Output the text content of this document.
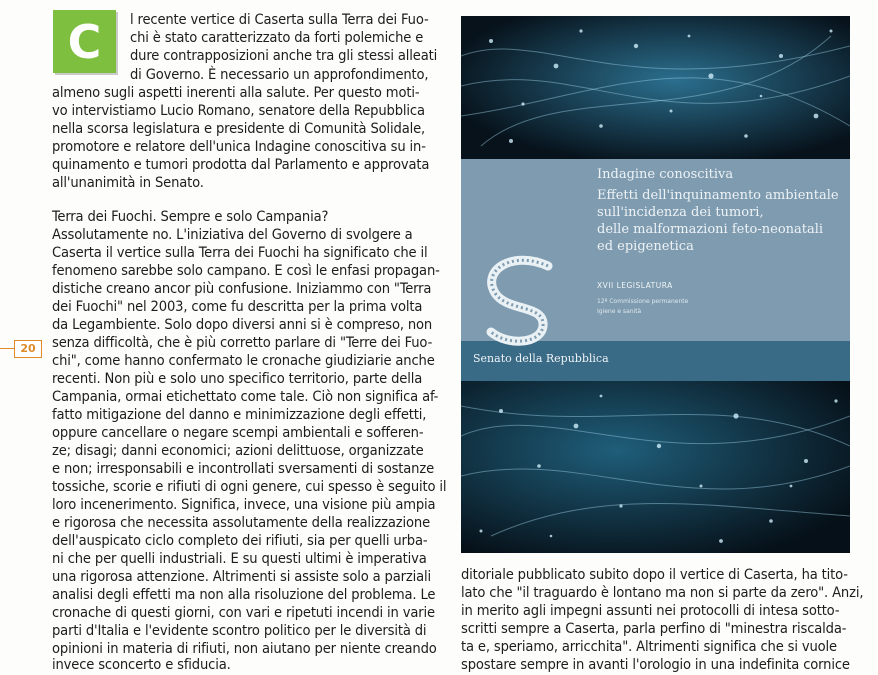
C	l recente vertice di Caserta sulla Terra dei Fuo-
chi è stato caratterizzato da forti polemiche e
dure contrapposizioni anche tra gli stessi alleati
di Governo. È necessario un approfondimento,
almeno sugli aspetti inerenti alla salute. Per questo moti-
vo intervistiamo Lucio Romano, senatore della Repubblica
nella scorsa legislatura e presidente di Comunità Solidale,
promotore e relatore dell'unica Indagine conoscitiva su in-
quinamento e tumori prodotta dal Parlamento e approvata
all'unanimità in Senato.
Terra dei Fuochi. Sempre e solo Campania?
Assolutamente no. L'iniziativa del Governo di svolgere a
Caserta il vertice sulla Terra dei Fuochi ha significato che il
fenomeno sarebbe solo campano. E così le enfasi propagan-
distiche creano ancor più confusione. Iniziammo con "Terra
dei Fuochi" nel 2003, come fu descritta per la prima volta
da Legambiente. Solo dopo diversi anni si è compreso, non
senza difficoltà, che è più corretto parlare di "Terre dei Fuo-
chi", come hanno confermato le cronache giudiziarie anche
recenti. Non più e solo uno specifico territorio, parte della
Campania, ormai etichettato come tale. Ciò non significa af-
fatto mitigazione del danno e minimizzazione degli effetti,
oppure cancellare o negare scempi ambientali e sofferen-
ze; disagi; danni economici; azioni delittuose, organizzate
e non; irresponsabili e incontrollati sversamenti di sostanze
tossiche, scorie e rifiuti di ogni genere, cui spesso è seguito il
loro incenerimento. Significa, invece, una visione più ampia
e rigorosa che necessita assolutamente della realizzazione
dell'auspicato ciclo completo dei rifiuti, sia per quelli urba-
ni che per quelli industriali. E su questi ultimi è imperativa
una rigorosa attenzione. Altrimenti si assiste solo a parziali
analisi degli effetti ma non alla risoluzione del problema. Le
cronache di questi giorni, con vari e ripetuti incendi in varie
parti d'Italia e l'evidente scontro politico per le diversità di
opinioni in materia di rifiuti, non aiutano per niente creando
invece sconcerto e sfiducia.
20
Indagine conoscitiva
Effetti dell'inquinamento ambientale
sull'incidenza dei tumori,
delle malformazioni feto-neonatali
ed epigenetica
XVII LEGISLATURA
12ª Commissione permanente
Igiene e sanità
Senato della Repubblica
ditoriale pubblicato subito dopo il vertice di Caserta, ha tito-
lato che "il traguardo è lontano ma non si parte da zero". Anzi,
in merito agli impegni assunti nei protocolli di intesa sotto-
scritti sempre a Caserta, parla perfino di "minestra riscalda-
ta e, speriamo, arricchita". Altrimenti significa che si vuole
spostare sempre in avanti l'orologio in una indefinita cornice
